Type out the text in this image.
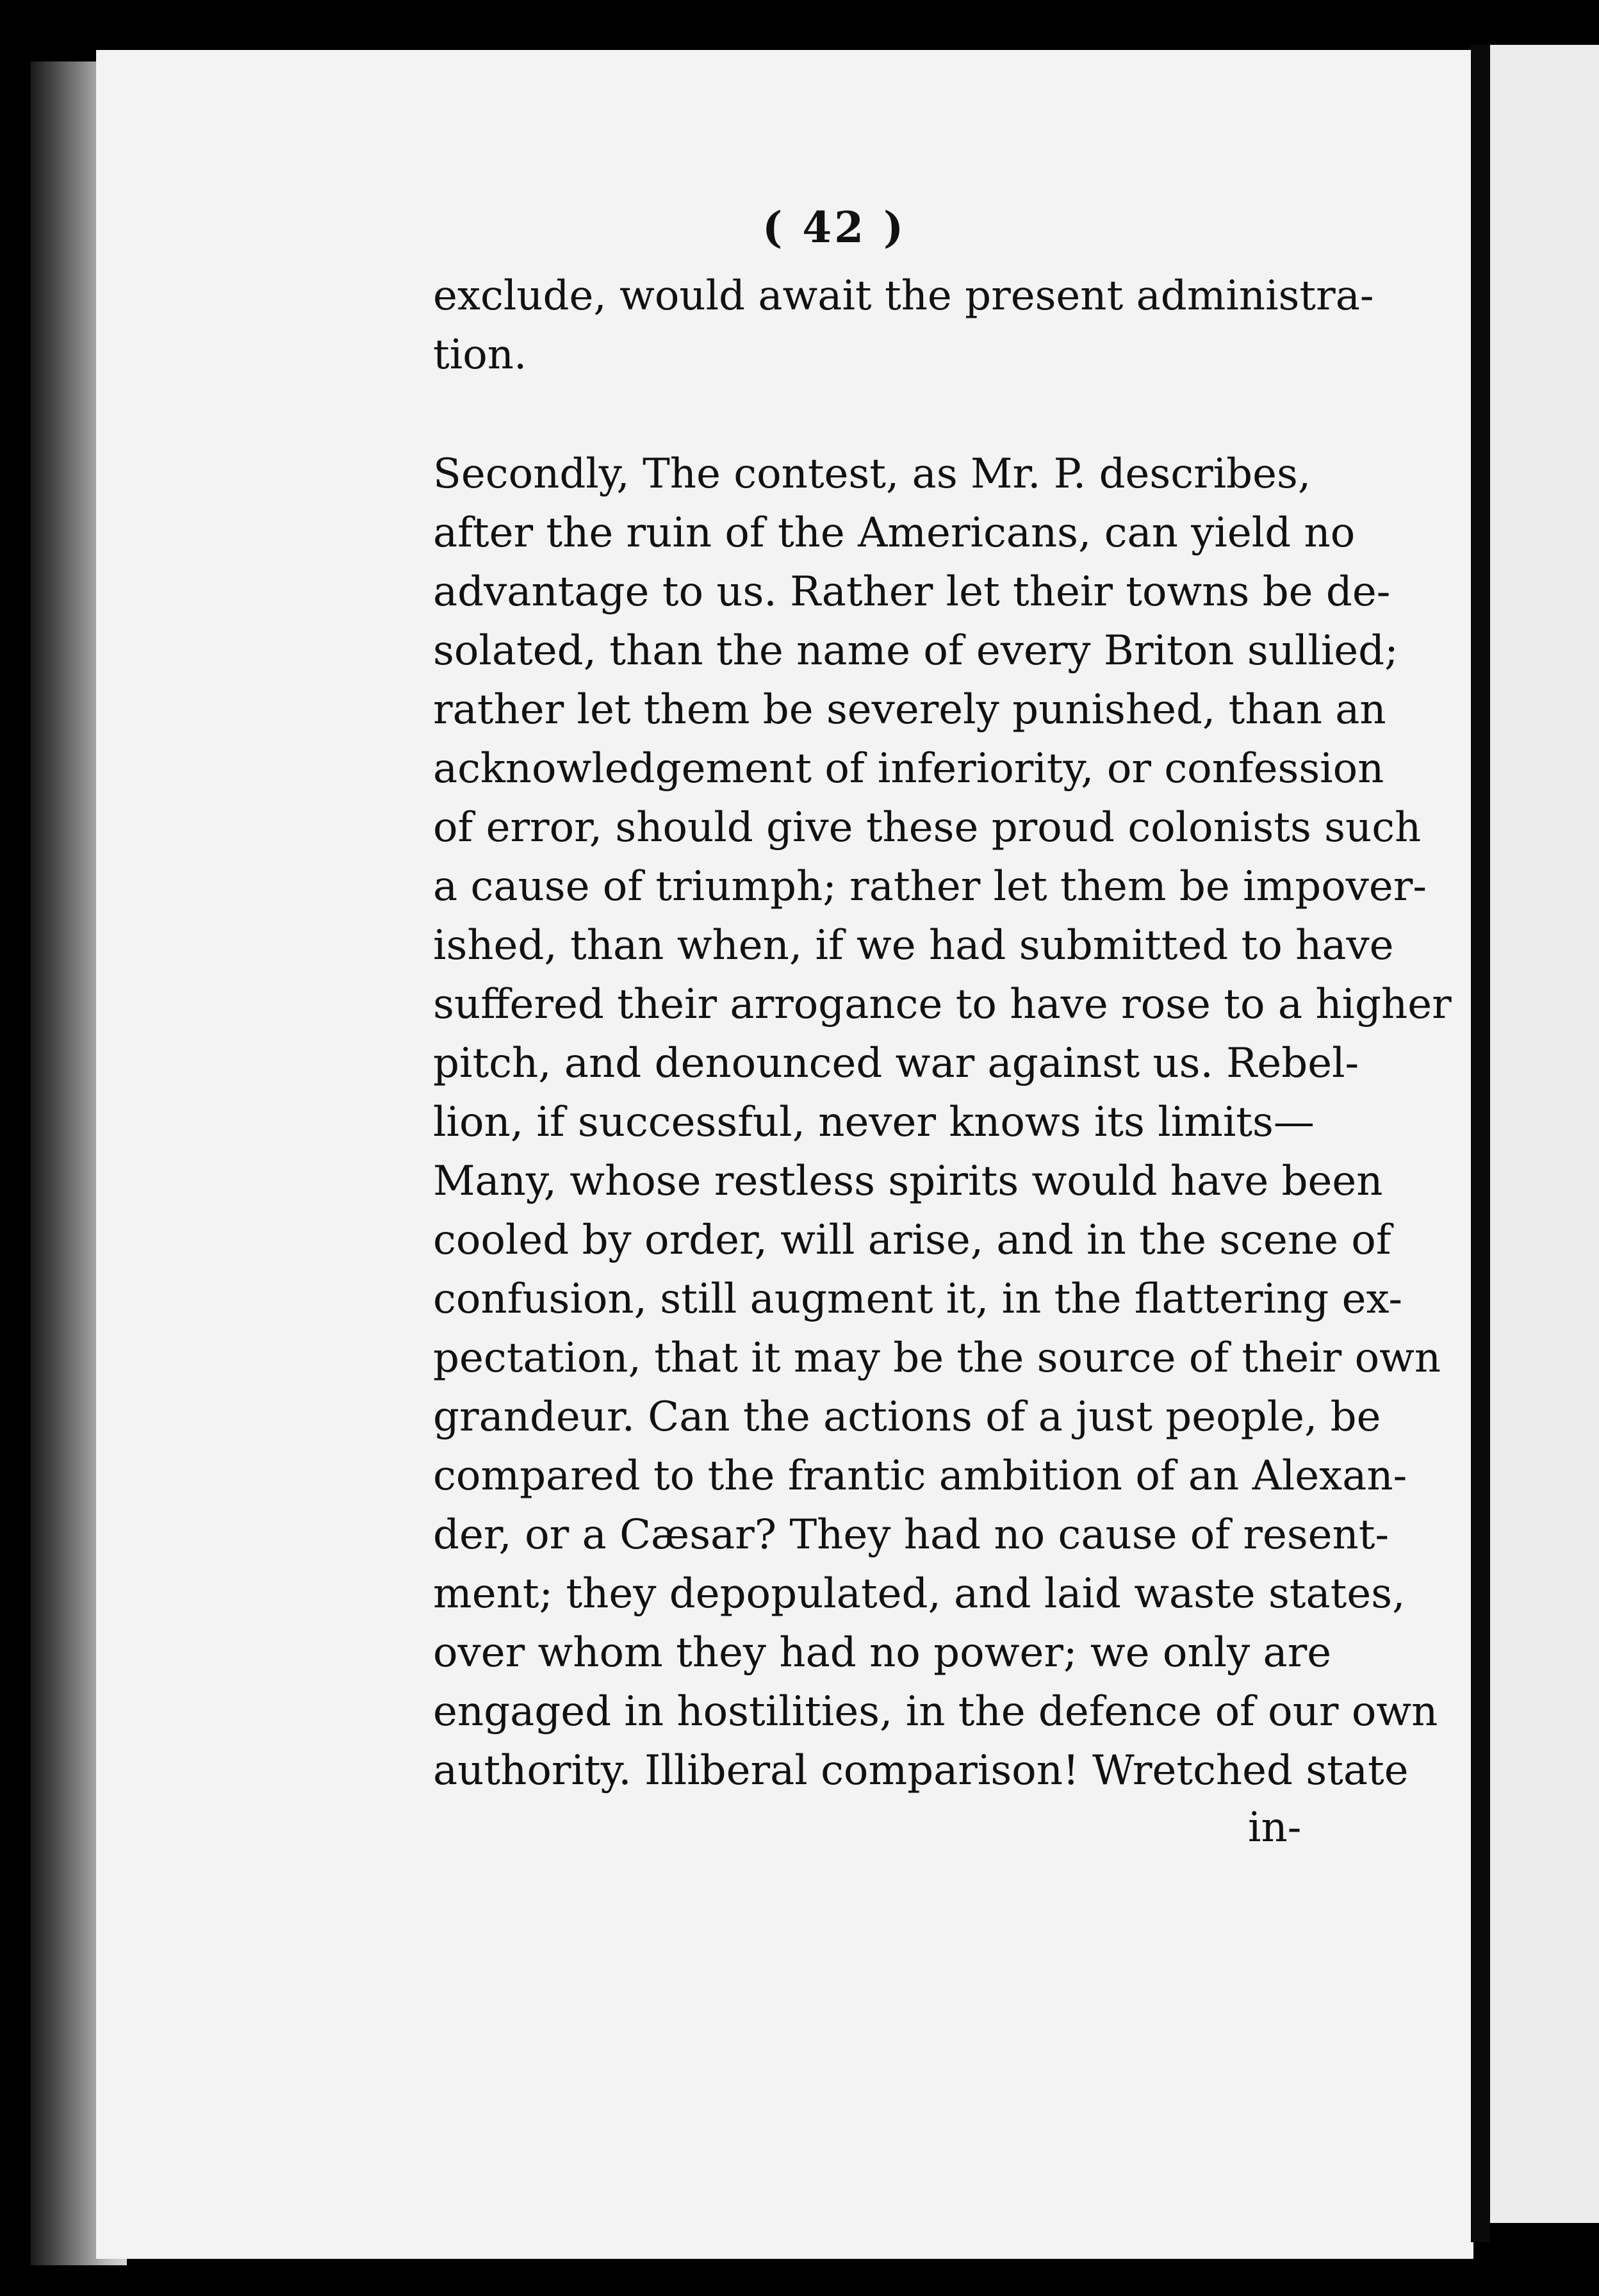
( 42 )
exclude, would await the present administra-
tion.
Secondly, The contest, as Mr. P. describes,
after the ruin of the Americans, can yield no
advantage to us. Rather let their towns be de-
solated, than the name of every Briton sullied;
rather let them be severely punished, than an
acknowledgement of inferiority, or confession
of error, should give these proud colonists such
a cause of triumph; rather let them be impover-
ished, than when, if we had submitted to have
suffered their arrogance to have rose to a higher
pitch, and denounced war against us. Rebel-
lion, if successful, never knows its limits—
Many, whose restless spirits would have been
cooled by order, will arise, and in the scene of
confusion, still augment it, in the flattering ex-
pectation, that it may be the source of their own
grandeur. Can the actions of a just people, be
compared to the frantic ambition of an Alexan-
der, or a Cæsar? They had no cause of resent-
ment; they depopulated, and laid waste states,
over whom they had no power; we only are
engaged in hostilities, in the defence of our own
authority. Illiberal comparison! Wretched state
in-
